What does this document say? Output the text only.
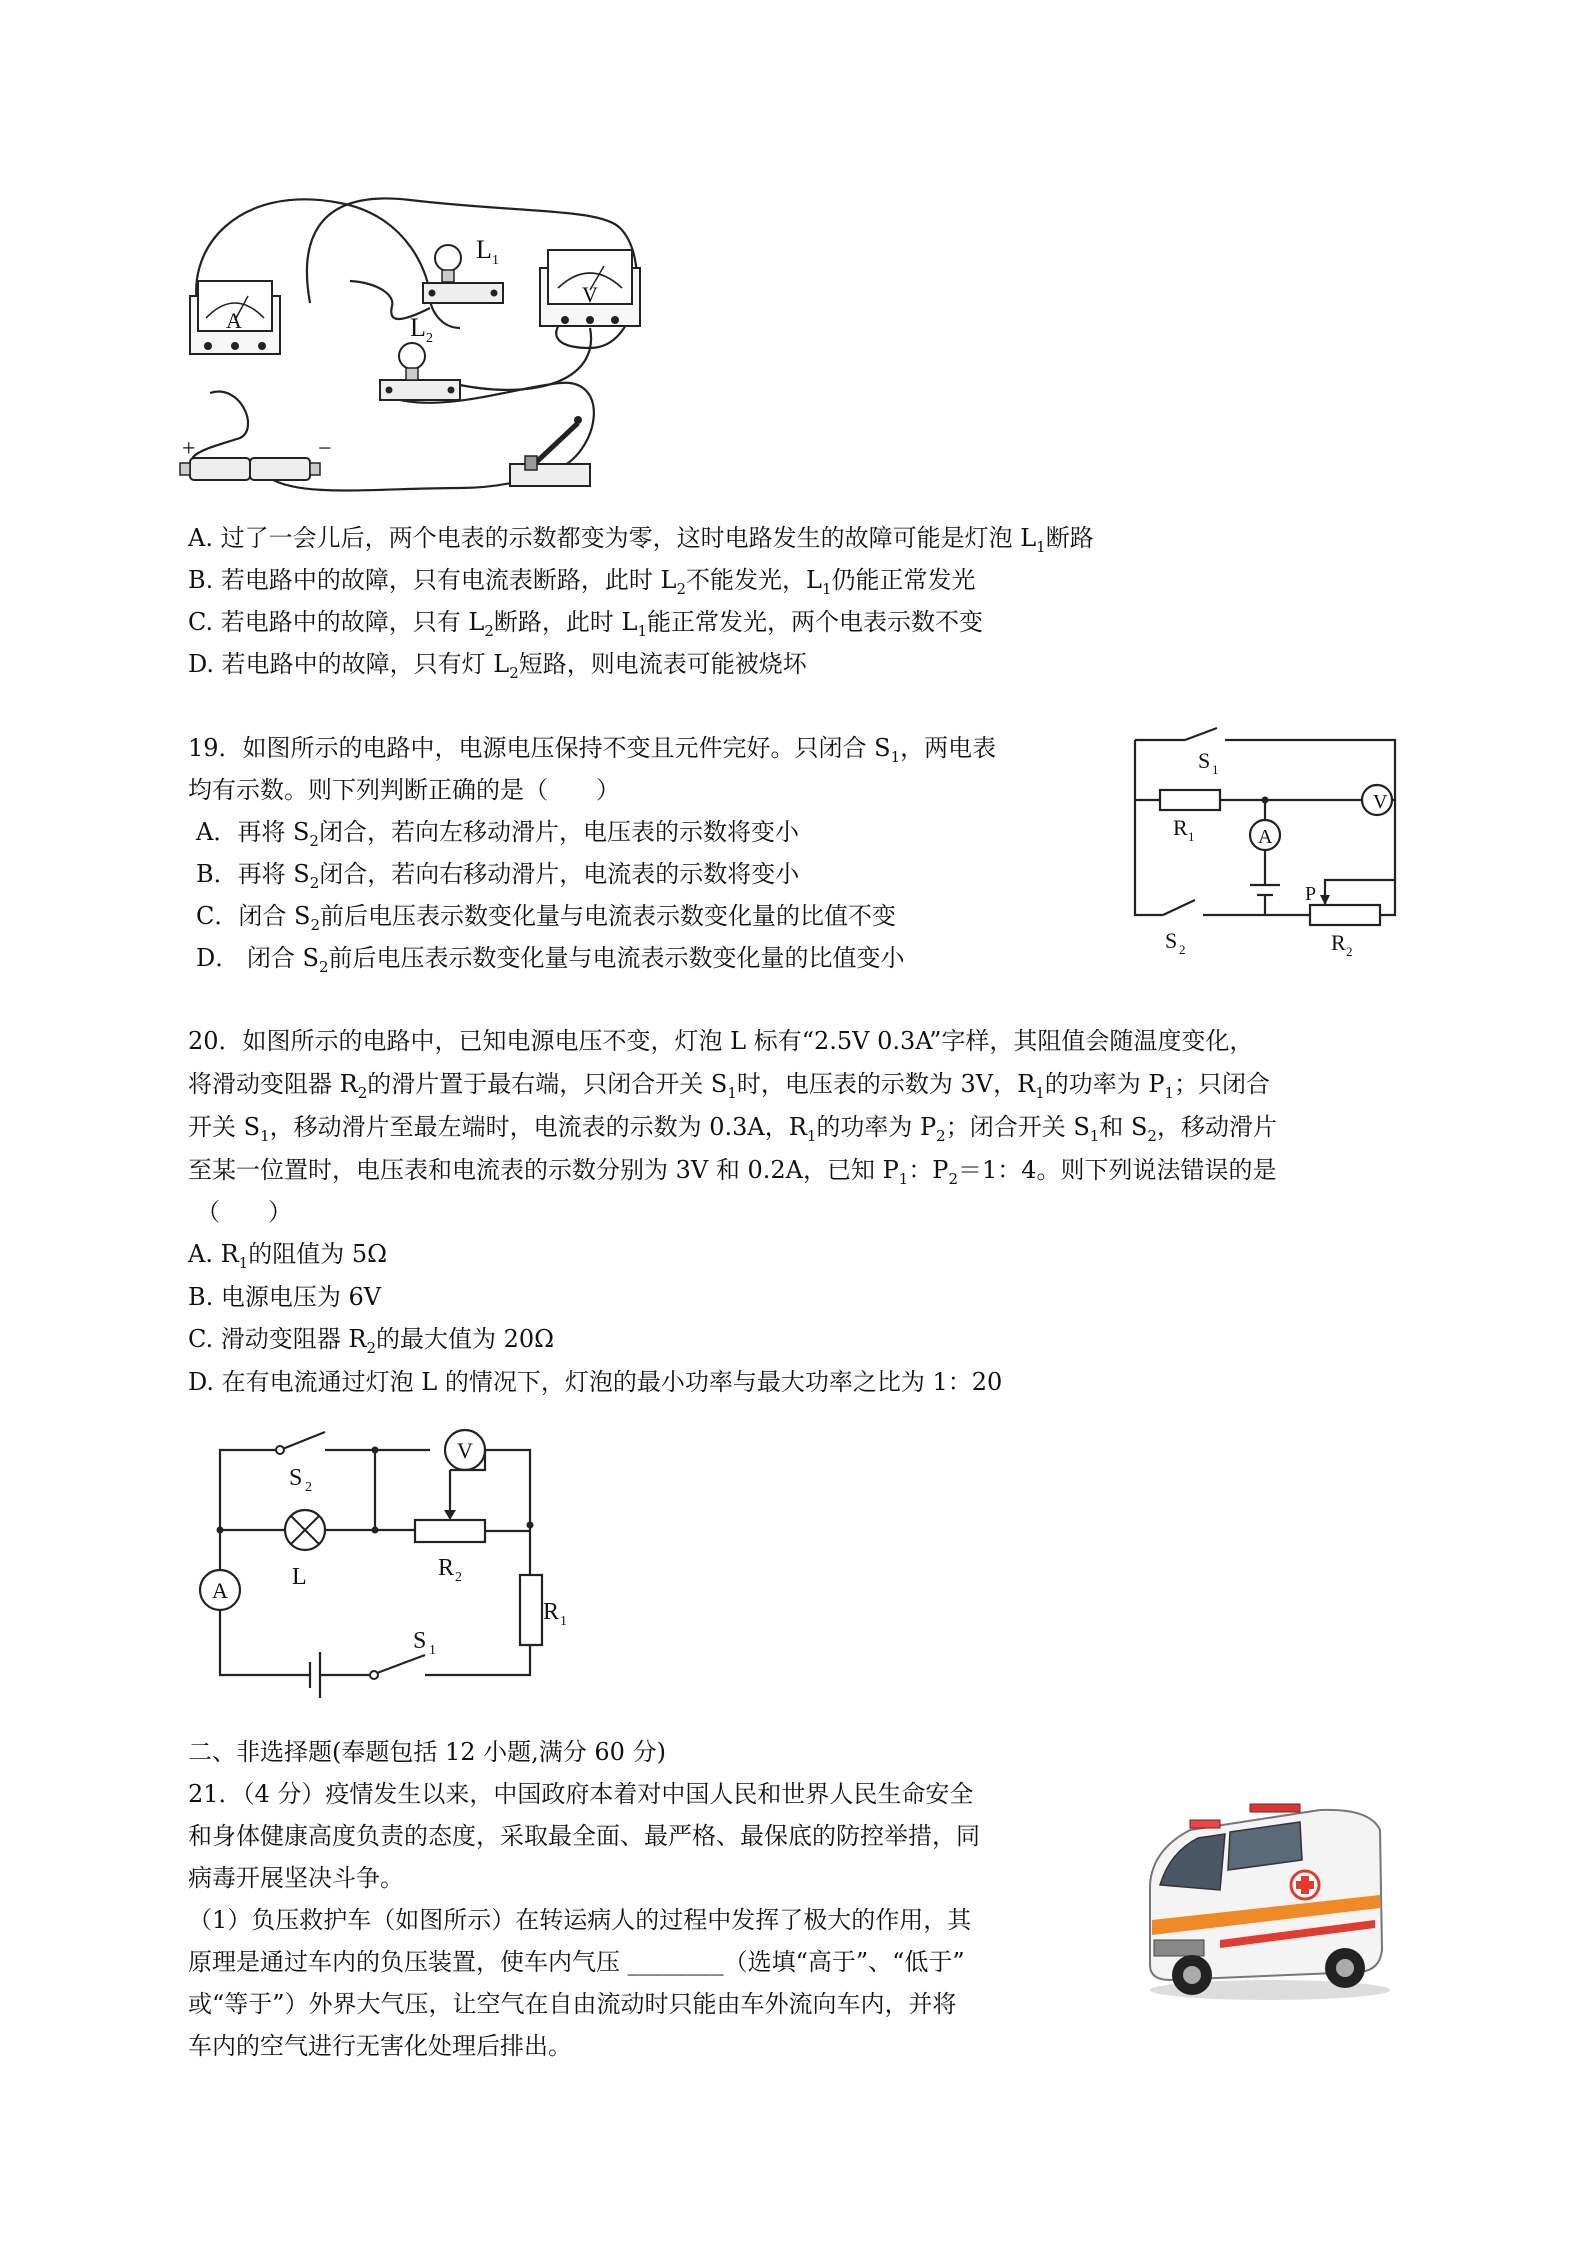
A
V
L 1
L 2
+	−
A. 过了一会儿后，两个电表的示数都变为零，这时电路发生的故障可能是灯泡 $L_1$断路
B. 若电路中的故障，只有电流表断路，此时 $L_2$不能发光，$L_1$仍能正常发光
C. 若电路中的故障，只有 $L_2$断路，此时 $L_1$能正常发光，两个电表示数不变
D. 若电路中的故障，只有灯 $L_2$短路，则电流表可能被烧坏
19．如图所示的电路中，电源电压保持不变且元件完好。只闭合 $S_1$，两电表
均有示数。则下列判断正确的是（　　）
A．再将 $S_2$闭合，若向左移动滑片，电压表的示数将变小
B．再将 $S_2$闭合，若向右移动滑片，电流表的示数将变小
C．闭合 $S_2$前后电压表示数变化量与电流表示数变化量的比值不变
D． 闭合 $S_2$前后电压表示数变化量与电流表示数变化量的比值变小
S 1
V
A
R 1
S 2
P
R 2
20．如图所示的电路中，已知电源电压不变，灯泡 L 标有“2.5V 0.3A”字样，其阻值会随温度变化，
将滑动变阻器 $R_2$的滑片置于最右端，只闭合开关 $S_1$时，电压表的示数为 3V，$R_1$的功率为 $P_1$；只闭合
开关 $S_1$，移动滑片至最左端时，电流表的示数为 0.3A，$R_1$的功率为 $P_2$；闭合开关 $S_1$和 $S_2$，移动滑片
至某一位置时，电压表和电流表的示数分别为 3V 和 0.2A，已知 $P_1$：$P_2=1$：4。则下列说法错误的是
（　　）
A. $R_1$的阻值为 5Ω
B. 电源电压为 6V
C. 滑动变阻器 $R_2$的最大值为 20Ω
D. 在有电流通过灯泡 L 的情况下，灯泡的最小功率与最大功率之比为 1：20
S 2
V
L	R 2
A
R 1
S 1
二、非选择题(奉题包括 12 小题,满分 60 分)
21．（4 分）疫情发生以来，中国政府本着对中国人民和世界人民生命安全
和身体健康高度负责的态度，采取最全面、最严格、最保底的防控举措，同
病毒开展坚决斗争。
（1）负压救护车（如图所示）在转运病人的过程中发挥了极大的作用，其
原理是通过车内的负压装置，使车内气压 ________（选填“高于”、“低于”
或“等于”）外界大气压，让空气在自由流动时只能由车外流向车内，并将
车内的空气进行无害化处理后排出。
